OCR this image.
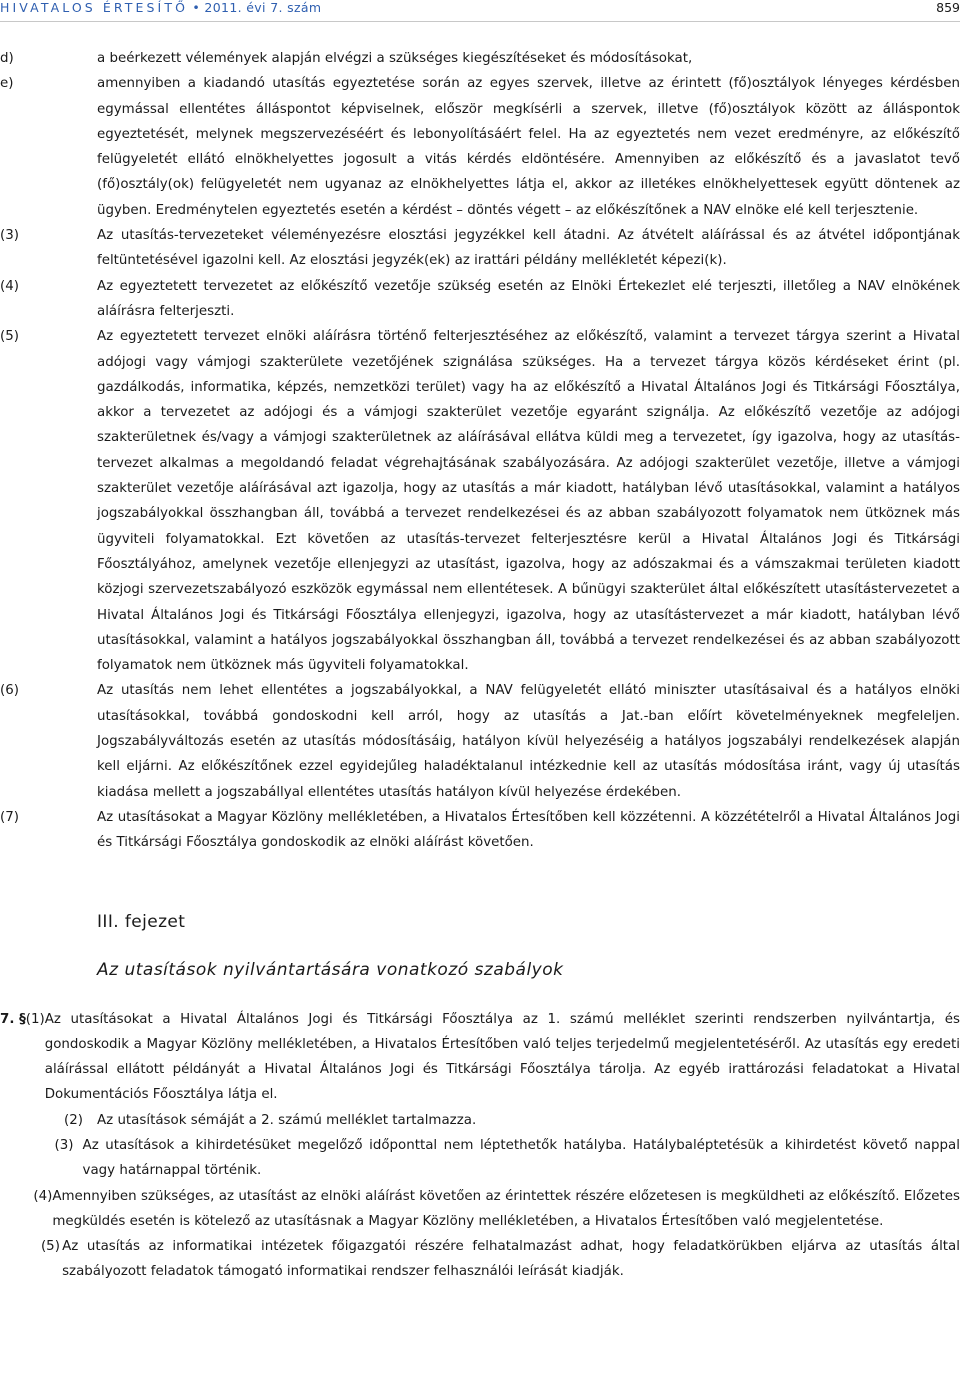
HIVATALOS ÉRTESÍTŐ • 2011. évi 7. szám	859
d)	a beérkezett vélemények alapján elvégzi a szükséges kiegészítéseket és módosításokat,

e)	amennyiben a kiadandó utasítás egyeztetése során az egyes szervek, illetve az érintett (fő)osztályok lényeges kérdésben egymással ellentétes álláspontot képviselnek, először megkísérli a szervek, illetve (fő)osztályok között az álláspontok egyeztetését, melynek megszervezéséért és lebonyolításáért felel. Ha az egyeztetés nem vezet eredményre, az előkészítő felügyeletét ellátó elnökhelyettes jogosult a vitás kérdés eldöntésére. Amennyiben az előkészítő és a javaslatot tevő (fő)osztály(ok) felügyeletét nem ugyanaz az elnökhelyettes látja el, akkor az illetékes elnökhelyettesek együtt döntenek az ügyben. Eredménytelen egyeztetés esetén a kérdést – döntés végett – az előkészítőnek a NAV elnöke elé kell terjesztenie.

(3)	Az utasítás-tervezeteket véleményezésre elosztási jegyzékkel kell átadni. Az átvételt aláírással és az átvétel időpontjának feltüntetésével igazolni kell. Az elosztási jegyzék(ek) az irattári példány mellékletét képezi(k).

(4)	Az egyeztetett tervezetet az előkészítő vezetője szükség esetén az Elnöki Értekezlet elé terjeszti, illetőleg a NAV elnökének aláírásra felterjeszti.

(5)	Az egyeztetett tervezet elnöki aláírásra történő felterjesztéséhez az előkészítő, valamint a tervezet tárgya szerint a Hivatal adójogi vagy vámjogi szakterülete vezetőjének szignálása szükséges. Ha a tervezet tárgya közös kérdéseket érint (pl. gazdálkodás, informatika, képzés, nemzetközi terület) vagy ha az előkészítő a Hivatal Általános Jogi és Titkársági Főosztálya, akkor a tervezetet az adójogi és a vámjogi szakterület vezetője egyaránt szignálja. Az előkészítő vezetője az adójogi szakterületnek és/vagy a vámjogi szakterületnek az aláírásával ellátva küldi meg a tervezetet, így igazolva, hogy az utasítás-tervezet alkalmas a megoldandó feladat végrehajtásának szabályozására. Az adójogi szakterület vezetője, illetve a vámjogi szakterület vezetője aláírásával azt igazolja, hogy az utasítás a már kiadott, hatályban lévő utasításokkal, valamint a hatályos jogszabályokkal összhangban áll, továbbá a tervezet rendelkezései és az abban szabályozott folyamatok nem ütköznek más ügyviteli folyamatokkal. Ezt követően az utasítás-tervezet felterjesztésre kerül a Hivatal Általános Jogi és Titkársági Főosztályához, amelynek vezetője ellenjegyzi az utasítást, igazolva, hogy az adószakmai és a vámszakmai területen kiadott közjogi szervezetszabályozó eszközök egymással nem ellentétesek. A bűnügyi szakterület által előkészített utasítástervezetet a Hivatal Általános Jogi és Titkársági Főosztálya ellenjegyzi, igazolva, hogy az utasítástervezet a már kiadott, hatályban lévő utasításokkal, valamint a hatályos jogszabályokkal összhangban áll, továbbá a tervezet rendelkezései és az abban szabályozott folyamatok nem ütköznek más ügyviteli folyamatokkal.

(6)	Az utasítás nem lehet ellentétes a jogszabályokkal, a NAV felügyeletét ellátó miniszter utasításaival és a hatályos elnöki utasításokkal, továbbá gondoskodni kell arról, hogy az utasítás a Jat.-ban előírt követelményeknek megfeleljen. Jogszabályváltozás esetén az utasítás módosításáig, hatályon kívül helyezéséig a hatályos jogszabályi rendelkezések alapján kell eljárni. Az előkészítőnek ezzel egyidejűleg haladéktalanul intézkednie kell az utasítás módosítása iránt, vagy új utasítás kiadása mellett a jogszabállyal ellentétes utasítás hatályon kívül helyezése érdekében.

(7)	Az utasításokat a Magyar Közlöny mellékletében, a Hivatalos Értesítőben kell közzétenni. A közzétételről a Hivatal Általános Jogi és Titkársági Főosztálya gondoskodik az elnöki aláírást követően.

III. fejezet
Az utasítások nyilvántartására vonatkozó szabályok
7. § (1) Az utasításokat a Hivatal Általános Jogi és Titkársági Főosztálya az 1. számú melléklet szerinti rendszerben nyilvántartja, és gondoskodik a Magyar Közlöny mellékletében, a Hivatalos Értesítőben való teljes terjedelmű megjelentetéséről. Az utasítás egy eredeti aláírással ellátott példányát a Hivatal Általános Jogi és Titkársági Főosztálya tárolja. Az egyéb irattározási feladatokat a Hivatal Dokumentációs Főosztálya látja el.

(2)	Az utasítások sémáját a 2. számú melléklet tartalmazza.

(3) Az utasítások a kihirdetésüket megelőző időponttal nem léptethetők hatályba. Hatálybaléptetésük a kihirdetést követő nappal vagy határnappal történik.

(4) Amennyiben szükséges, az utasítást az elnöki aláírást követően az érintettek részére előzetesen is megküldheti az előkészítő. Előzetes megküldés esetén is kötelező az utasításnak a Magyar Közlöny mellékletében, a Hivatalos Értesítőben való megjelentetése.

(5) Az utasítás az informatikai intézetek főigazgatói részére felhatalmazást adhat, hogy feladatkörükben eljárva az utasítás által szabályozott feladatok támogató informatikai rendszer felhasználói leírását kiadják.
